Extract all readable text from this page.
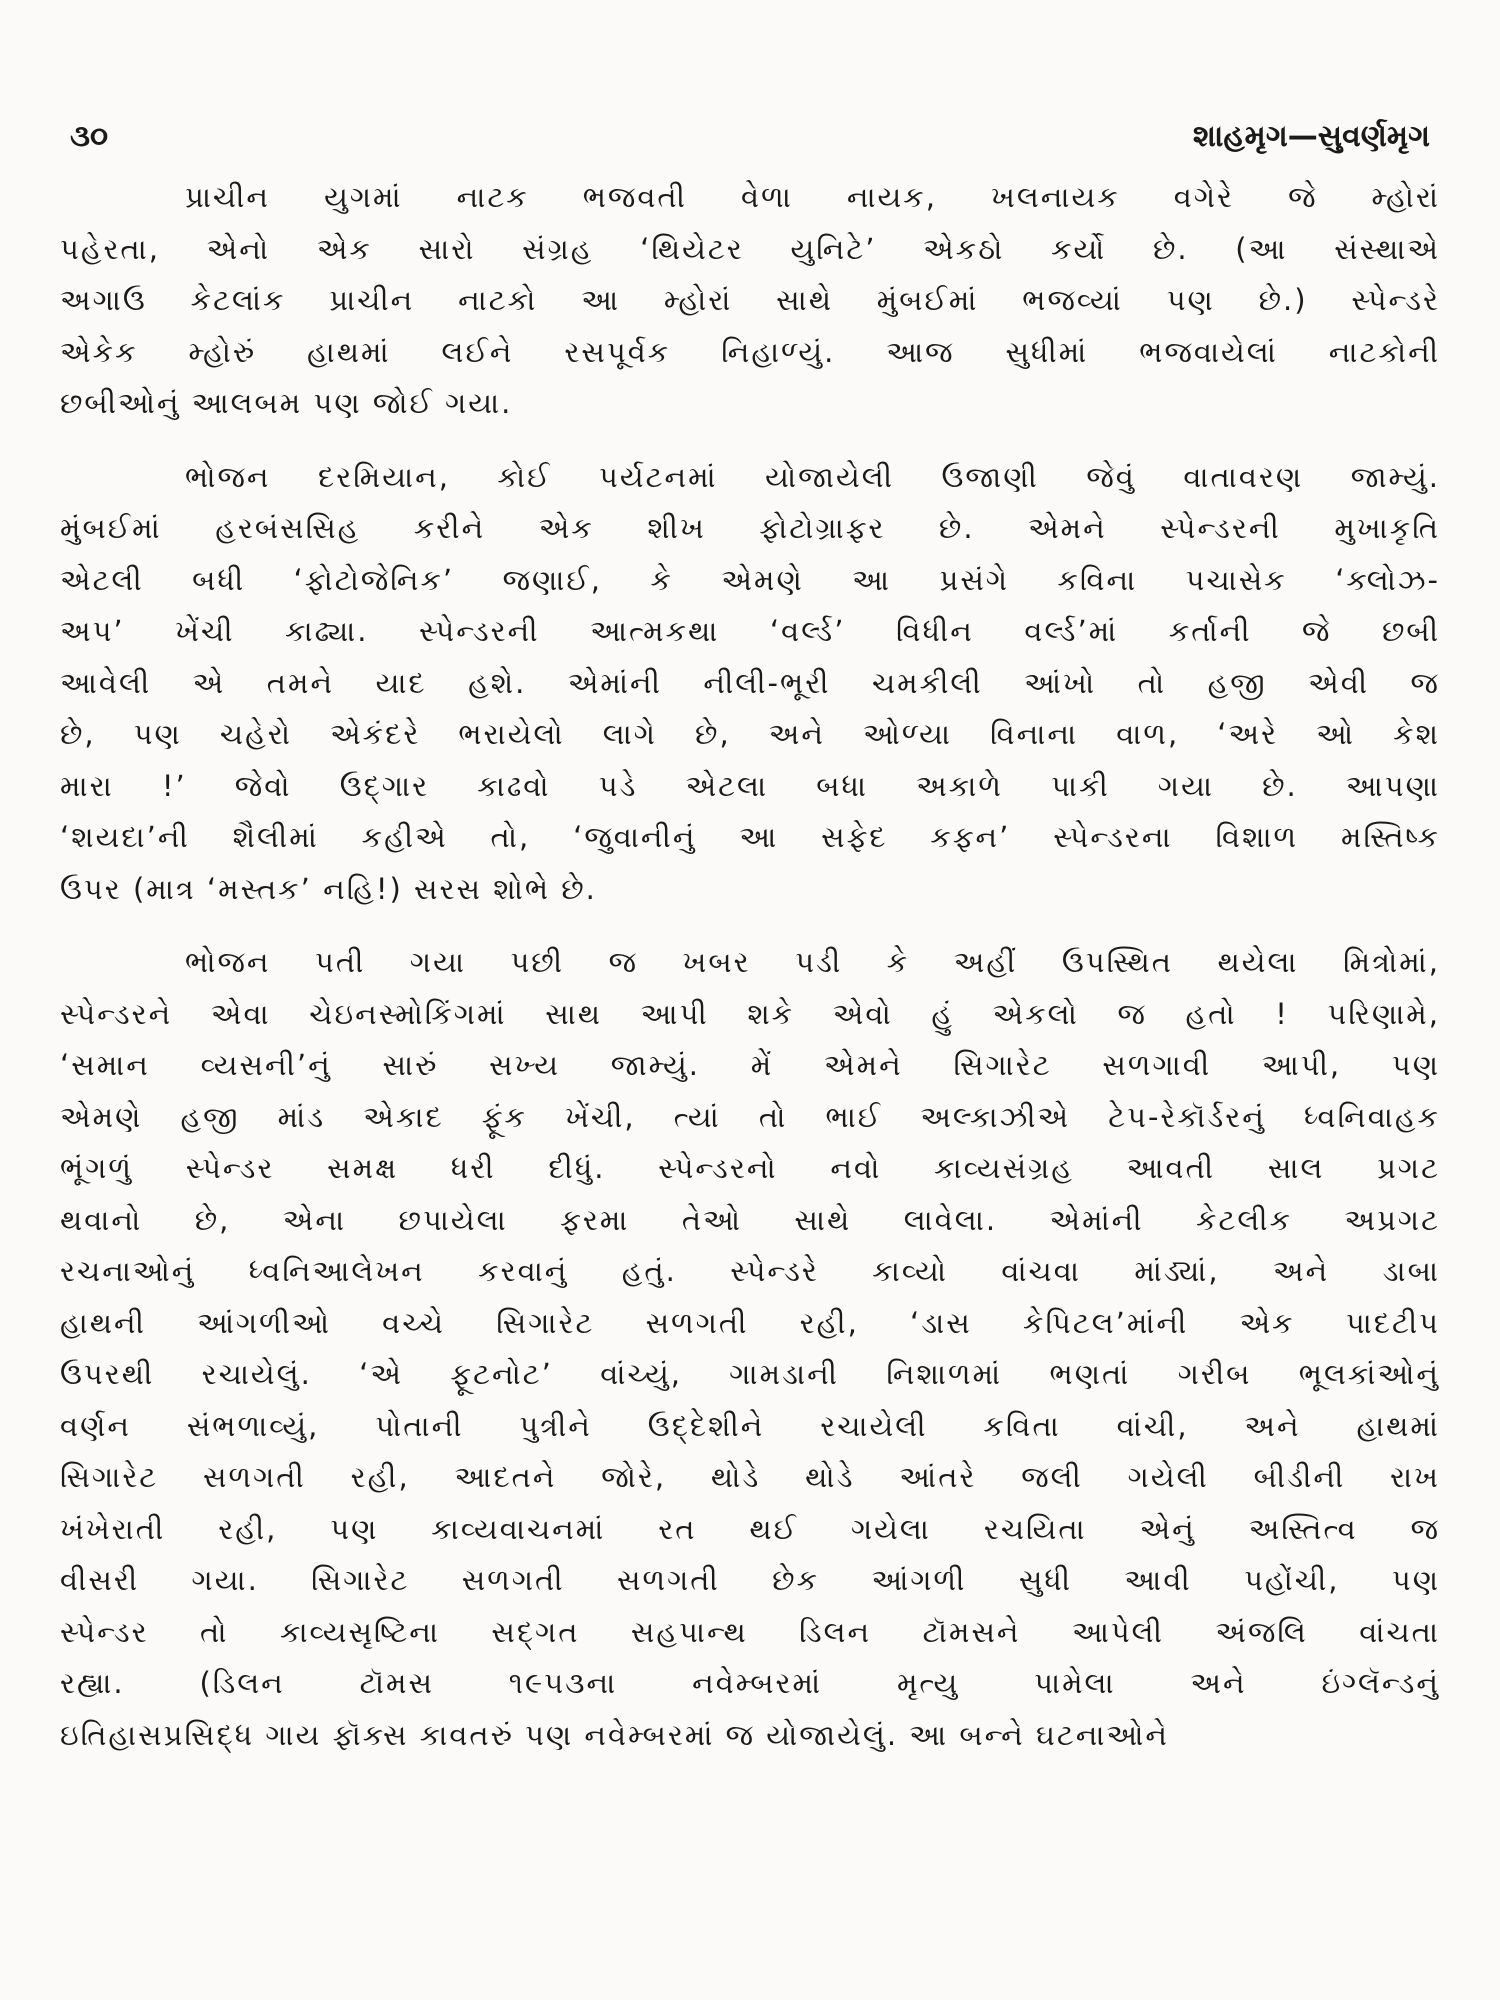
૩૦	શાહમૃગ—સુવર્ણમૃગ
પ્રાચીન યુગમાં નાટક ભજવતી વેળા નાયક, ખલનાયક વગેરે જે મ્હોરાં
પહેરતા, એનો એક સારો સંગ્રહ ‘થિયેટર યુનિટે’ એકઠો કર્યો છે. (આ સંસ્થાએ
અગાઉ કેટલાંક પ્રાચીન નાટકો આ મ્હોરાં સાથે મુંબઈમાં ભજવ્યાં પણ છે.) સ્પેન્ડરે
એકેક મ્હોરું હાથમાં લઈને રસપૂર્વક નિહાળ્યું. આજ સુધીમાં ભજવાયેલાં નાટકોની
છબીઓનું આલબમ પણ જોઈ ગયા.
ભોજન દરમિયાન, કોઈ પર્યટનમાં યોજાયેલી ઉજાણી જેવું વાતાવરણ જામ્યું.
મુંબઈમાં હરબંસસિહ કરીને એક શીખ ફોટોગ્રાફર છે. એમને સ્પેન્ડરની મુખાકૃતિ
એટલી બધી ‘ફોટોજેનિક’ જણાઈ, કે એમણે આ પ્રસંગે કવિના પચાસેક ‘ક્લોઝ-
અપ’ ખેંચી કાઢ્યા. સ્પેન્ડરની આત્મકથા ‘વર્લ્ડ’ વિધીન વર્લ્ડ’માં કર્તાની જે છબી
આવેલી એ તમને યાદ હશે. એમાંની નીલી-ભૂરી ચમકીલી આંખો તો હજી એવી જ
છે, પણ ચહેરો એકંદરે ભરાયેલો લાગે છે, અને ઓળ્યા વિનાના વાળ, ‘અરે ઓ કેશ
મારા !’ જેવો ઉદ્ગાર કાઢવો પડે એટલા બધા અકાળે પાકી ગયા છે. આપણા
‘શયદા’ની શૈલીમાં કહીએ તો, ‘જુવાનીનું આ સફેદ કફન’ સ્પેન્ડરના વિશાળ મસ્તિષ્ક
ઉપર (માત્ર ‘મસ્તક’ નહિ!) સરસ શોભે છે.
ભોજન પતી ગયા પછી જ ખબર પડી કે અહીં ઉપસ્થિત થયેલા મિત્રોમાં,
સ્પેન્ડરને એવા ચેઇનસ્મોકિંગમાં સાથ આપી શકે એવો હું એકલો જ હતો ! પરિણામે,
‘સમાન વ્યસની’નું સારું સખ્ય જામ્યું. મેં એમને સિગારેટ સળગાવી આપી, પણ
એમણે હજી માંડ એકાદ ફૂંક ખેંચી, ત્યાં તો ભાઈ અલ્કાઝીએ ટેપ-રેકૉર્ડરનું ધ્વનિવાહક
ભૂંગળું સ્પેન્ડર સમક્ષ ધરી દીધું. સ્પેન્ડરનો નવો કાવ્યસંગ્રહ આવતી સાલ પ્રગટ
થવાનો છે, એના છપાયેલા ફરમા તેઓ સાથે લાવેલા. એમાંની કેટલીક અપ્રગટ
રચનાઓનું ધ્વનિઆલેખન કરવાનું હતું. સ્પેન્ડરે કાવ્યો વાંચવા માંડ્યાં, અને ડાબા
હાથની આંગળીઓ વચ્ચે સિગારેટ સળગતી રહી, ‘ડાસ કેપિટલ’માંની એક પાદટીપ
ઉપરથી રચાયેલું. ‘એ ફૂટનોટ’ વાંચ્યું, ગામડાની નિશાળમાં ભણતાં ગરીબ ભૂલકાંઓનું
વર્ણન સંભળાવ્યું, પોતાની પુત્રીને ઉદ્દેશીને રચાયેલી કવિતા વાંચી, અને હાથમાં
સિગારેટ સળગતી રહી, આદતને જોરે, થોડે થોડે આંતરે જલી ગયેલી બીડીની રાખ
ખંખેરાતી રહી, પણ કાવ્યવાચનમાં રત થઈ ગયેલા રચયિતા એનું અસ્તિત્વ જ
વીસરી ગયા. સિગારેટ સળગતી સળગતી છેક આંગળી સુધી આવી પહોંચી, પણ
સ્પેન્ડર તો કાવ્યસૃષ્ટિના સદ્ગત સહપાન્થ ડિલન ટૉમસને આપેલી અંજલિ વાંચતા
રહ્યા. (ડિલન ટૉમસ ૧૯૫૩ના નવેમ્બરમાં મૃત્યુ પામેલા અને ઇંગ્લૅન્ડનું
ઇતિહાસપ્રસિદ્ધ ગાય ફૉક્સ કાવતરું પણ નવેમ્બરમાં જ યોજાયેલું. આ બન્ને ઘટનાઓને
